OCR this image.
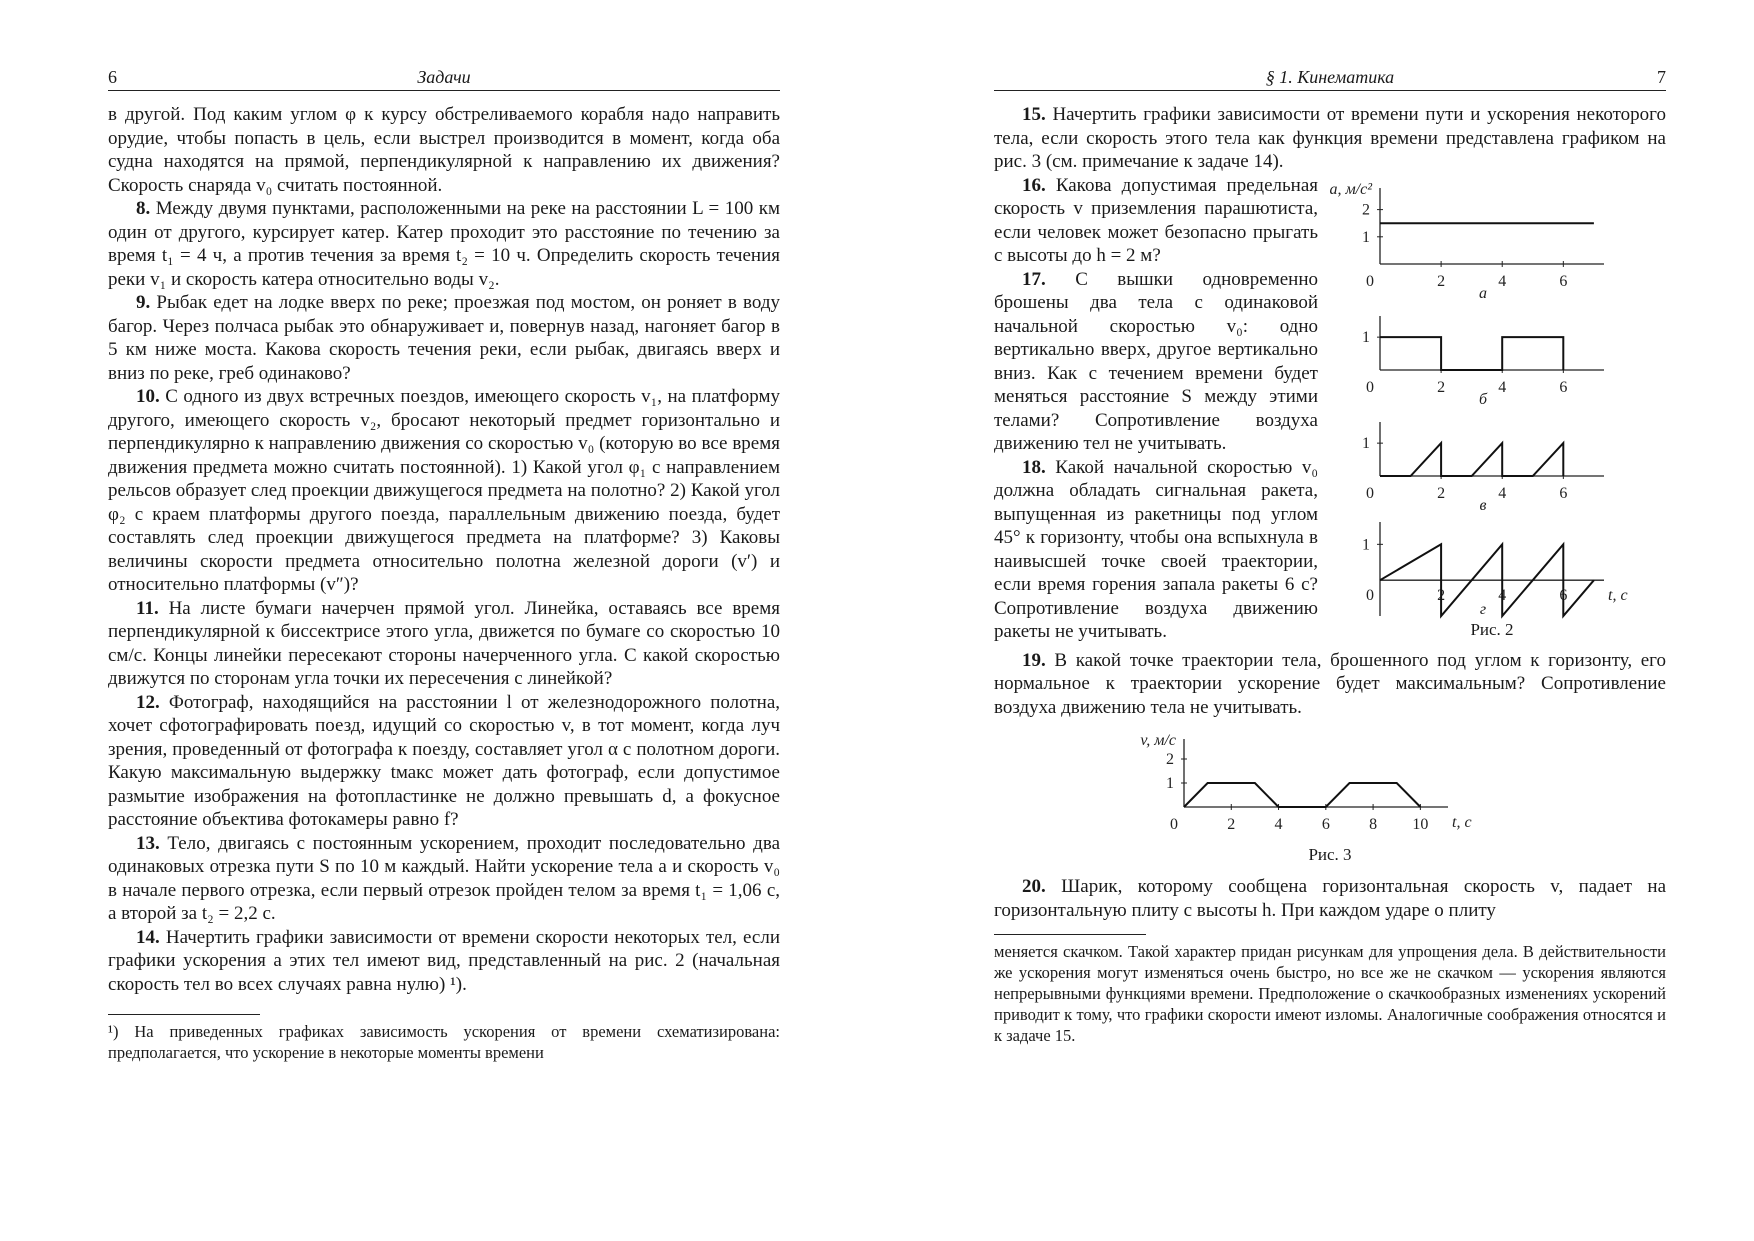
6	Задачи

в другой. Под каким углом φ к курсу обстреливаемого корабля надо направить орудие, чтобы попасть в цель, если выстрел производится в момент, когда оба судна находятся на прямой, перпендикулярной к направлению их движения? Скорость снаряда v₀ считать постоянной.

8. Между двумя пунктами, расположенными на реке на расстоянии L = 100 км один от другого, курсирует катер. Катер проходит это расстояние по течению за время t₁ = 4 ч, а против течения за время t₂ = 10 ч. Определить скорость течения реки v₁ и скорость катера относительно воды v₂.

9. Рыбак едет на лодке вверх по реке; проезжая под мостом, он роняет в воду багор. Через полчаса рыбак это обнаруживает и, повернув назад, нагоняет багор в 5 км ниже моста. Какова скорость течения реки, если рыбак, двигаясь вверх и вниз по реке, греб одинаково?

10. С одного из двух встречных поездов, имеющего скорость v₁, на платформу другого, имеющего скорость v₂, бросают некоторый предмет горизонтально и перпендикулярно к направлению движения со скоростью v₀ (которую во все время движения предмета можно считать постоянной). 1) Какой угол φ₁ с направлением рельсов образует след проекции движущегося предмета на полотно? 2) Какой угол φ₂ с краем платформы другого поезда, параллельным движению поезда, будет составлять след проекции движущегося предмета на платформе? 3) Каковы величины скорости предмета относительно полотна железной дороги (v′) и относительно платформы (v″)?

11. На листе бумаги начерчен прямой угол. Линейка, оставаясь все время перпендикулярной к биссектрисе этого угла, движется по бумаге со скоростью 10 см/с. Концы линейки пересекают стороны начерченного угла. С какой скоростью движутся по сторонам угла точки их пересечения с линейкой?

12. Фотограф, находящийся на расстоянии l от железнодорожного полотна, хочет сфотографировать поезд, идущий со скоростью v, в тот момент, когда луч зрения, проведенный от фотографа к поезду, составляет угол α с полотном дороги. Какую максимальную выдержку tмакс может дать фотограф, если допустимое размытие изображения на фотопластинке не должно превышать d, а фокусное расстояние объектива фотокамеры равно f?

13. Тело, двигаясь с постоянным ускорением, проходит последовательно два одинаковых отрезка пути S по 10 м каждый. Найти ускорение тела a и скорость v₀ в начале первого отрезка, если первый отрезок пройден телом за время t₁ = 1,06 с, а второй за t₂ = 2,2 с.

14. Начертить графики зависимости от времени скорости некоторых тел, если графики ускорения a этих тел имеют вид, представленный на рис. 2 (начальная скорость тел во всех случаях равна нулю) ¹).

¹) На приведенных графиках зависимость ускорения от времени схематизирована: предполагается, что ускорение в некоторые моменты времени

§ 1. Кинематика	7

15. Начертить графики зависимости от времени пути и ускорения некоторого тела, если скорость этого тела как функция времени представлена графиком на рис. 3 (см. примечание к задаче 14).

16. Какова допустимая предельная скорость v приземления парашютиста, если человек может безопасно прыгать с высоты до h = 2 м?

17. С вышки одновременно брошены два тела с одинаковой начальной скоростью v₀: одно вертикально вверх, другое вертикально вниз. Как с течением времени будет меняться расстояние S между этими телами? Сопротивление воздуха движению тел не учитывать.

18. Какой начальной скоростью v₀ должна обладать сигнальная ракета, выпущенная из ракетницы под углом 45° к горизонту, чтобы она вспыхнула в наивысшей точке своей траектории, если время горения запала ракеты 6 с? Сопротивление воздуха движению ракеты не учитывать.

0	2	4	6
1
2
a, м/с²
а
0	2	4	6
1
б
0	2	4	6
1
в
0	2	4	6
1
t, с
г
Рис. 2

19. В какой точке траектории тела, брошенного под углом к горизонту, его нормальное к траектории ускорение будет максимальным? Сопротивление воздуха движению тела не учитывать.

0	2 4 6 8 10
1
2
v, м/с
t, с
Рис. 3

20. Шарик, которому сообщена горизонтальная скорость v, падает на горизонтальную плиту с высоты h. При каждом ударе о плиту

меняется скачком. Такой характер придан рисункам для упрощения дела. В действительности же ускорения могут изменяться очень быстро, но все же не скачком — ускорения являются непрерывными функциями времени. Предположение о скачкообразных изменениях ускорений приводит к тому, что графики скорости имеют изломы. Аналогичные соображения относятся и к задаче 15.
